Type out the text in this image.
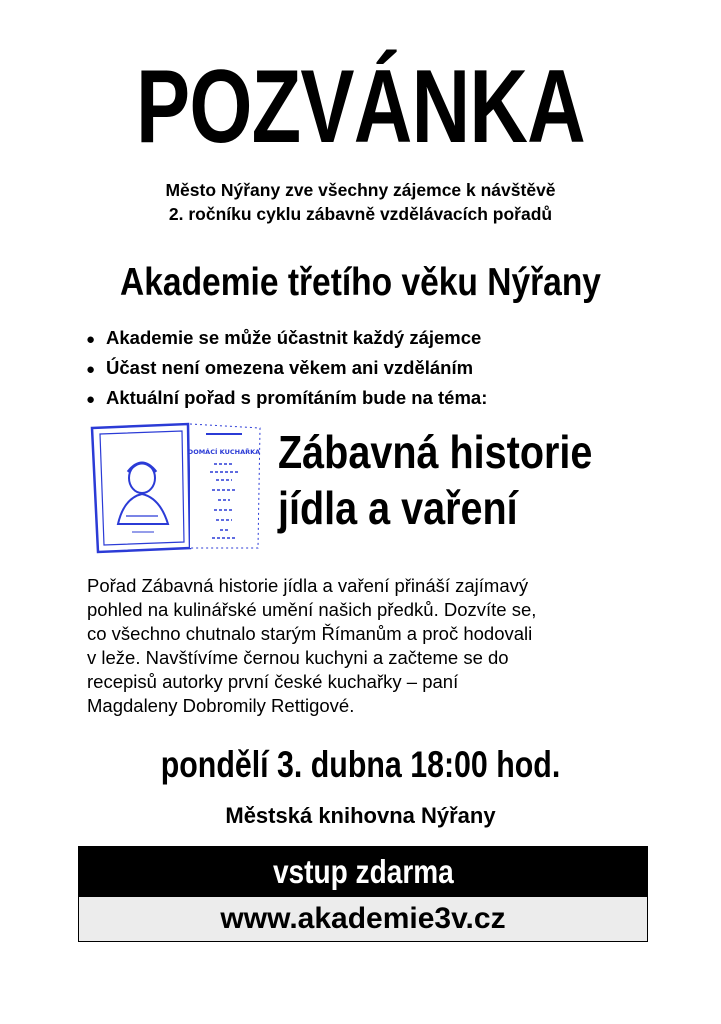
POZVÁNKA
Město Nýřany zve všechny zájemce k návštěvě
2. ročníku cyklu zábavně vzdělávacích pořadů
Akademie třetího věku Nýřany
● Akademie se může účastnit každý zájemce
● Účast není omezena věkem ani vzděláním
● Aktuální pořad s promítáním bude na téma:
DOMÁCÍ KUCHAŘKA Zábavná historie
jídla a vaření
Pořad Zábavná historie jídla a vaření přináší zajímavý
pohled na kulinářské umění našich předků. Dozvíte se,
co všechno chutnalo starým Římanům a proč hodovali
v leže. Navštívíme černou kuchyni a začteme se do
recepisů autorky první české kuchařky – paní
Magdaleny Dobromily Rettigové.
pondělí 3. dubna 18:00 hod.
Městská knihovna Nýřany
vstup zdarma
www.akademie3v.cz
